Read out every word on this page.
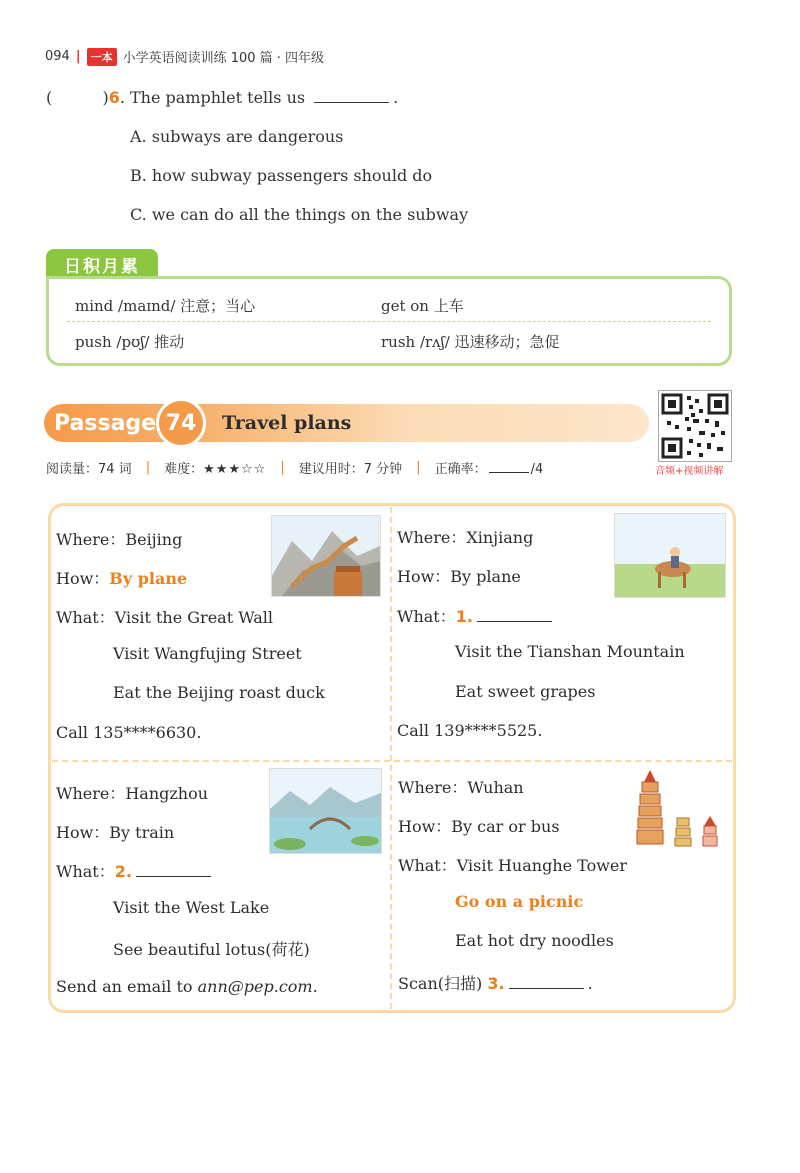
094 | 一本 小学英语阅读训练 100 篇 · 四年级
(	)6. The pamphlet tells us	.
A. subways are dangerous
B. how subway passengers should do
C. we can do all the things on the subway
日积月累
mind /maɪnd/ 注意；当心	get on 上车
push /pʊʃ/ 推动	rush /rʌʃ/ 迅速移动；急促
Passage 74	Travel plans
音频+视频讲解
阅读量：74 词 | 难度：★★★☆☆ | 建议用时：7 分钟 | 正确率：	/4
Where：Beijing
How：By plane
What：Visit the Great Wall
Visit Wangfujing Street
Eat the Beijing roast duck
Call 135****6630.
Where：Xinjiang
How：By plane
What：1.
Visit the Tianshan Mountain
Eat sweet grapes
Call 139****5525.
Where：Hangzhou
How：By train
What：2.
Visit the West Lake
See beautiful lotus(荷花)
Send an email to ann@pep.com.
Where：Wuhan
How：By car or bus
What：Visit Huanghe Tower
Go on a picnic
Eat hot dry noodles
Scan(扫描) 3.	.
